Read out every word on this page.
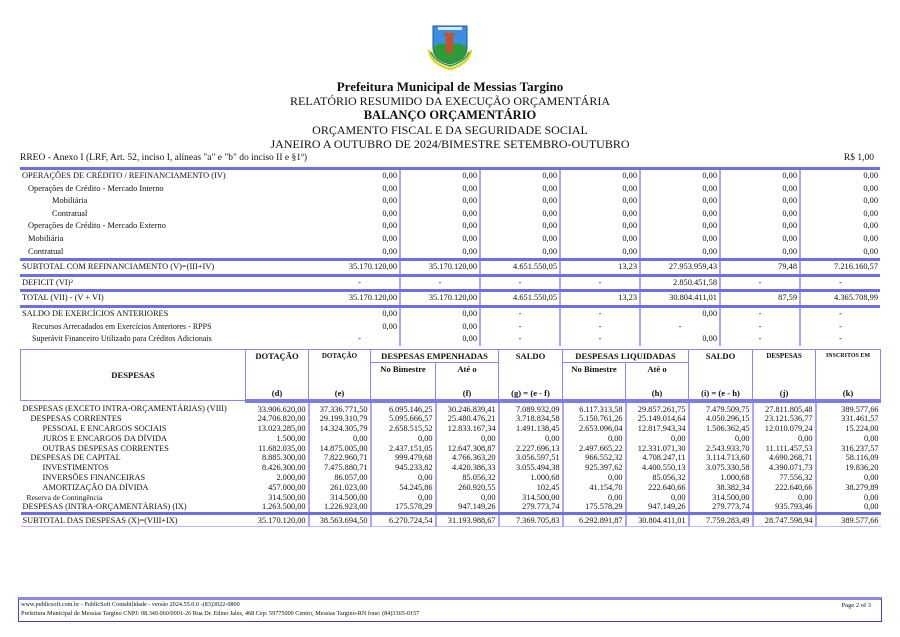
Prefeitura Municipal de Messias Targino
RELATÓRIO RESUMIDO DA EXECUÇÃO ORÇAMENTÁRIA
BALANÇO ORÇAMENTÁRIO
ORÇAMENTO FISCAL E DA SEGURIDADE SOCIAL
JANEIRO A OUTUBRO DE 2024/BIMESTRE SETEMBRO-OUTUBRO
RREO - Anexo I (LRF, Art. 52, inciso I, alíneas "a" e "b" do inciso II e §1º)	R$ 1,00
OPERAÇÕES DE CRÉDITO / REFINANCIAMENTO (IV)	0,00	0,00	0,00	0,00	0,00	0,00	0,00
Operações de Crédito - Mercado Interno	0,00	0,00	0,00	0,00	0,00	0,00	0,00
Mobiliária	0,00	0,00	0,00	0,00	0,00	0,00	0,00
Contratual	0,00	0,00	0,00	0,00	0,00	0,00	0,00
Operações de Crédito - Mercado Externo	0,00	0,00	0,00	0,00	0,00	0,00	0,00
Mobiliária	0,00	0,00	0,00	0,00	0,00	0,00	0,00
Contratual	0,00	0,00	0,00	0,00	0,00	0,00	0,00
SUBTOTAL COM REFINANCIAMENTO (V)=(III+IV)	35.170.120,00	35.170.120,00	4.651.550,05	13,23	27.953.959,43	79,48	7.216.160,57
DEFICIT (VI)²	-	-	-	-	2.850.451,58	-	-
TOTAL (VII) - (V + VI)	35.170.120,00	35.170.120,00	4.651.550,05	13,23	30.804.411,01	87,59	4.365.708,99
SALDO DE EXERCÍCIOS ANTERIORES	0,00	0,00	-	-	0,00	-	-
Recursos Arrecadados em Exercícios Anteriores - RPPS	0,00	0,00	-	-	-	-	-
Superávit Financeiro Utilizado para Créditos Adicionais	-	0,00	-	-	0,00	-	-
DESPESAS	DOTAÇÃO	DOTAÇÃO	DESPESAS EMPENHADAS		SALDO	DESPESAS LIQUIDADAS		SALDO	DESPESAS	INSCRITOS EM
			No Bimestre	Até o		No Bimestre	Até o			
	(d)	(e)		(f)	(g) = (e - f)		(h)	(i) = (e - h)	(j)	(k)
DESPESAS (EXCETO INTRA-ORÇAMENTÁRIAS) (VIII)	33.906.620,00	37.336.771,50	6.095.146,25	30.246.839,41	7.089.932,09	6.117.313,58	29.857.261,75	7.479.509,75	27.811.805,48	389.577,66
DESPESAS CORRENTES	24.706.820,00	29.199.310,79	5.095.666,57	25.480.476,21	3.718.834,58	5.150.761,26	25.149.014,64	4.050.296,15	23.121.536,77	331.461,57
PESSOAL E ENCARGOS SOCIAIS	13.023.285,00	14.324.305,79	2.658.515,52	12.833.167,34	1.491.138,45	2.653.096,04	12.817.943,34	1.506.362,45	12.010.079,24	15.224,00
JUROS E ENCARGOS DA DÍVIDA	1.500,00	0,00	0,00	0,00	0,00	0,00	0,00	0,00	0,00	0,00
OUTRAS DESPESAS CORRENTES	11.682.035,00	14.875.005,00	2.437.151,05	12.647.308,87	2.227.696,13	2.497.665,22	12.331.071,30	2.543.933,70	11.111.457,53	316.237,57
DESPESAS DE CAPITAL	8.885.300,00	7.822.960,71	999.479,68	4.766.363,20	3.056.597,51	966.552,32	4.708.247,11	3.114.713,60	4.690.268,71	58.116,09
INVESTIMENTOS	8.426.300,00	7.475.880,71	945.233,82	4.420.386,33	3.055.494,38	925.397,62	4.400.550,13	3.075.330,58	4.390.071,73	19.836,20
INVERSÕES FINANCEIRAS	2.000,00	86.057,00	0,00	85.056,32	1.000,68	0,00	85.056,32	1.000,68	77.556,32	0,00
AMORTIZAÇÃO DA DÍVIDA	457.000,00	261.023,00	54.245,86	260.920,55	102,45	41.154,70	222.640,66	38.382,34	222.640,66	38.279,89
Reserva de Contingência	314.500,00	314.500,00	0,00	0,00	314.500,00	0,00	0,00	314.500,00	0,00	0,00
DESPESAS (INTRA-ORÇAMENTÁRIAS) (IX)	1.263.500,00	1.226.923,00	175.578,29	947.149,26	279.773,74	175.578,29	947.149,26	279.773,74	935.793,46	0,00
SUBTOTAL DAS DESPESAS (X)=(VIII+IX)	35.170.120,00	38.563.694,50	6.270.724,54	31.193.988,67	7.369.705,83	6.292.891,87	30.804.411,01	7.759.283,49	28.747.598,94	389.577,66
www.publicsoft.com.br - PublicSoft Contabilidade - versão 2024.55.0.0 -(83)3022-0800
Prefeitura Municipal de Messias Targino CNPJ: 08.349.060/0001-26 Rua Dr. Edino Jales, 468 Cep: 59775000 Centro, Messias Targino-RN fone: (84)3365-0157
Page 2 of 3
